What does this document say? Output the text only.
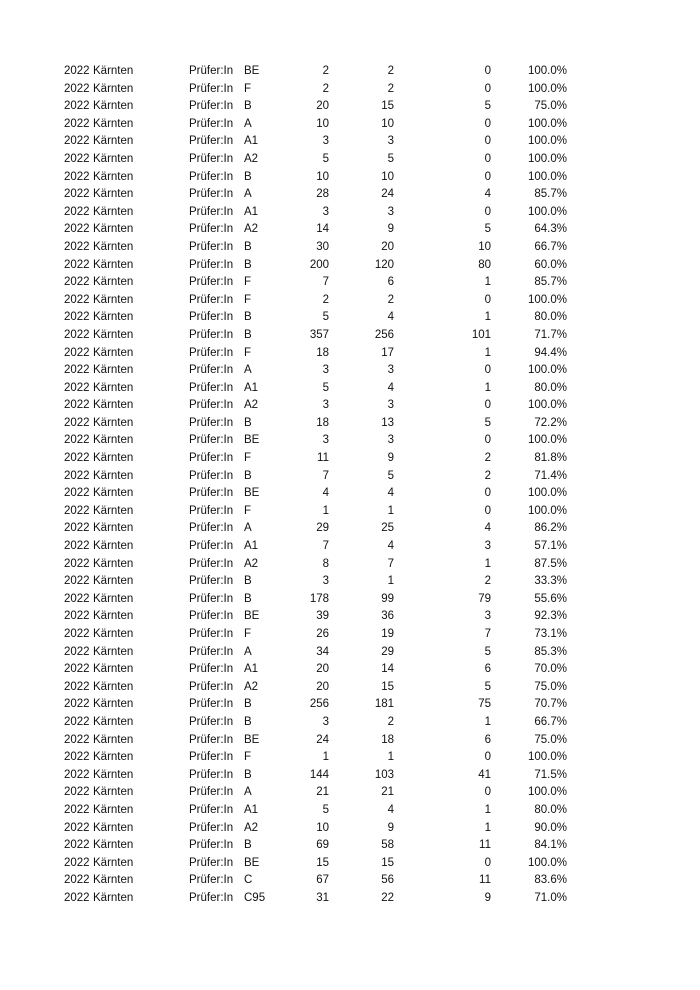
2022 Kärnten	Prüfer:In BE	2	2	0	100.0%
2022 Kärnten	Prüfer:In F	2	2	0	100.0%
2022 Kärnten	Prüfer:In B	20	15	5	75.0%
2022 Kärnten	Prüfer:In A	10	10	0	100.0%
2022 Kärnten	Prüfer:In A1	3	3	0	100.0%
2022 Kärnten	Prüfer:In A2	5	5	0	100.0%
2022 Kärnten	Prüfer:In B	10	10	0	100.0%
2022 Kärnten	Prüfer:In A	28	24	4	85.7%
2022 Kärnten	Prüfer:In A1	3	3	0	100.0%
2022 Kärnten	Prüfer:In A2	14	9	5	64.3%
2022 Kärnten	Prüfer:In B	30	20	10	66.7%
2022 Kärnten	Prüfer:In B	200	120	80	60.0%
2022 Kärnten	Prüfer:In F	7	6	1	85.7%
2022 Kärnten	Prüfer:In F	2	2	0	100.0%
2022 Kärnten	Prüfer:In B	5	4	1	80.0%
2022 Kärnten	Prüfer:In B	357	256	101	71.7%
2022 Kärnten	Prüfer:In F	18	17	1	94.4%
2022 Kärnten	Prüfer:In A	3	3	0	100.0%
2022 Kärnten	Prüfer:In A1	5	4	1	80.0%
2022 Kärnten	Prüfer:In A2	3	3	0	100.0%
2022 Kärnten	Prüfer:In B	18	13	5	72.2%
2022 Kärnten	Prüfer:In BE	3	3	0	100.0%
2022 Kärnten	Prüfer:In F	11	9	2	81.8%
2022 Kärnten	Prüfer:In B	7	5	2	71.4%
2022 Kärnten	Prüfer:In BE	4	4	0	100.0%
2022 Kärnten	Prüfer:In F	1	1	0	100.0%
2022 Kärnten	Prüfer:In A	29	25	4	86.2%
2022 Kärnten	Prüfer:In A1	7	4	3	57.1%
2022 Kärnten	Prüfer:In A2	8	7	1	87.5%
2022 Kärnten	Prüfer:In B	3	1	2	33.3%
2022 Kärnten	Prüfer:In B	178	99	79	55.6%
2022 Kärnten	Prüfer:In BE	39	36	3	92.3%
2022 Kärnten	Prüfer:In F	26	19	7	73.1%
2022 Kärnten	Prüfer:In A	34	29	5	85.3%
2022 Kärnten	Prüfer:In A1	20	14	6	70.0%
2022 Kärnten	Prüfer:In A2	20	15	5	75.0%
2022 Kärnten	Prüfer:In B	256	181	75	70.7%
2022 Kärnten	Prüfer:In B	3	2	1	66.7%
2022 Kärnten	Prüfer:In BE	24	18	6	75.0%
2022 Kärnten	Prüfer:In F	1	1	0	100.0%
2022 Kärnten	Prüfer:In B	144	103	41	71.5%
2022 Kärnten	Prüfer:In A	21	21	0	100.0%
2022 Kärnten	Prüfer:In A1	5	4	1	80.0%
2022 Kärnten	Prüfer:In A2	10	9	1	90.0%
2022 Kärnten	Prüfer:In B	69	58	11	84.1%
2022 Kärnten	Prüfer:In BE	15	15	0	100.0%
2022 Kärnten	Prüfer:In C	67	56	11	83.6%
2022 Kärnten	Prüfer:In C95	31	22	9	71.0%
